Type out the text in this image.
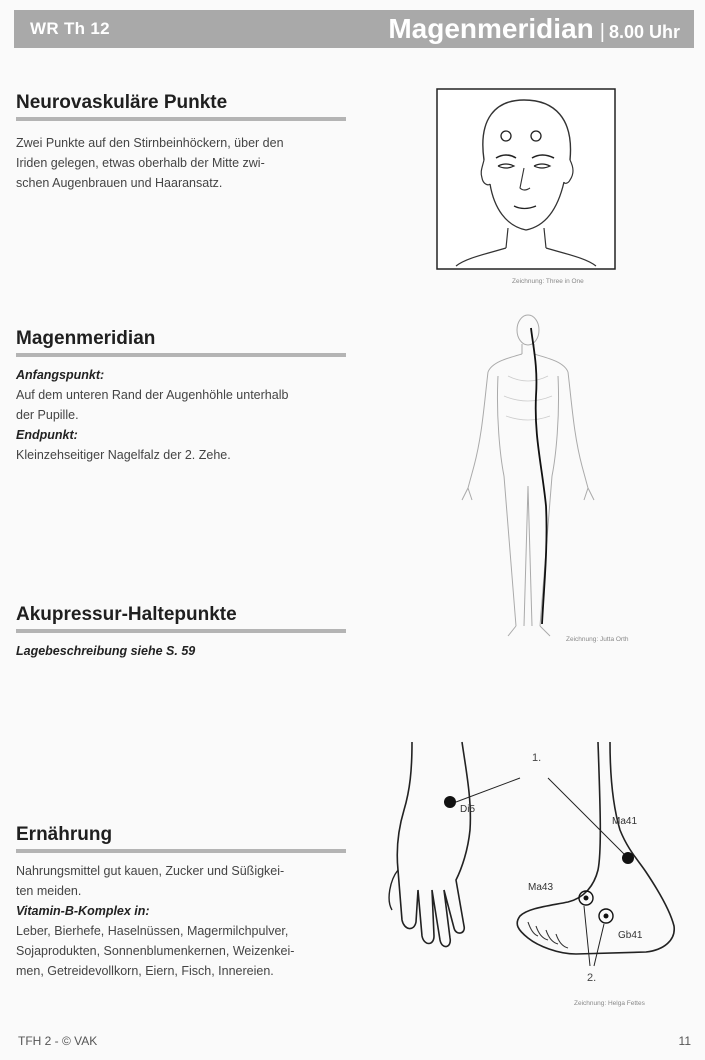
WR Th 12	Magenmeridian | 8.00 Uhr
Neurovaskuläre Punkte

Zwei Punkte auf den Stirnbeinhöckern, über den

Iriden gelegen, etwas oberhalb der Mitte zwi-

schen Augenbrauen und Haaransatz.

Magenmeridian

Anfangspunkt:

Auf dem unteren Rand der Augenhöhle unterhalb

der Pupille.

Endpunkt:

Kleinzehseitiger Nagelfalz der 2. Zehe.

Akupressur-Haltepunkte

Lagebeschreibung siehe S. 59

Ernährung

Nahrungsmittel gut kauen, Zucker und Süßigkei-

ten meiden.

Vitamin-B-Komplex in:

Leber, Bierhefe, Haselnüssen, Magermilchpulver,

Sojaprodukten, Sonnenblumenkernen, Weizenkei-

men, Getreidevollkorn, Eiern, Fisch, Innereien.

Zeichnung: Three in One
Zeichnung: Jutta Orth
1.
Di5
Ma41
Ma43
Gb41
2.
Zeichnung: Helga Fettes
TFH 2 - © VAK	11
